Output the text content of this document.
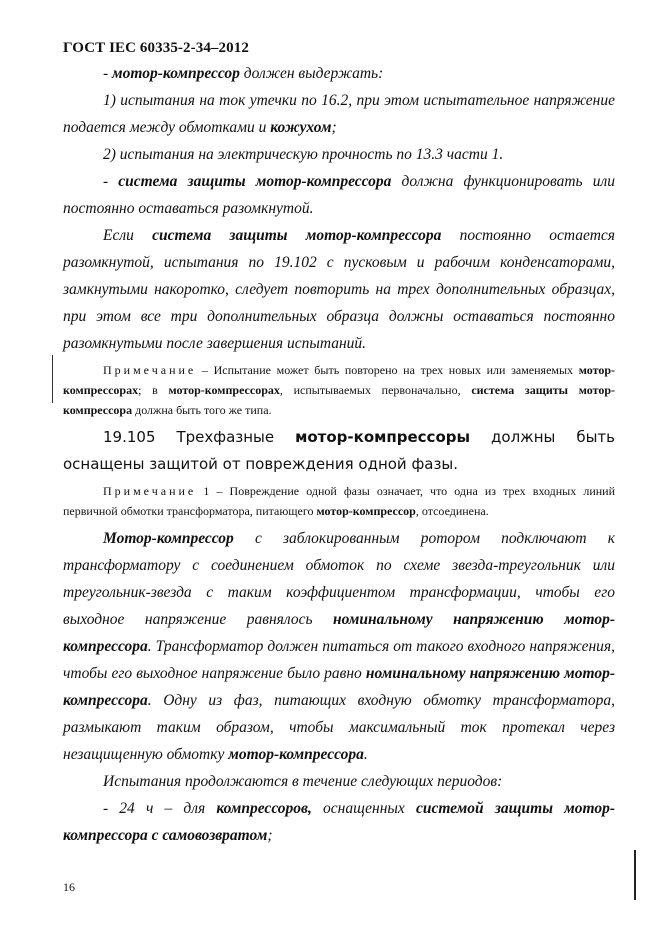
ГОСТ IEC 60335-2-34–2012

- мотор-компрессор должен выдержать:

1) испытания на ток утечки по 16.2, при этом испытательное напряжение подается между обмотками и кожухом;

2) испытания на электрическую прочность по 13.3 части 1.

- система защиты мотор-компрессора должна функционировать или постоянно оставаться разомкнутой.

Если система защиты мотор-компрессора постоянно остается разомкнутой, испытания по 19.102 с пусковым и рабочим конденсаторами, замкнутыми накоротко, следует повторить на трех дополнительных образцах, при этом все три дополнительных образца должны оставаться постоянно разомкнутыми после завершения испытаний.

Примечание – Испытание может быть повторено на трех новых или заменяемых мотор-компрессорах; в мотор-компрессорах, испытываемых первоначально, система защиты мотор-компрессора должна быть того же типа.

19.105 Трехфазные мотор-компрессоры должны быть оснащены защитой от повреждения одной фазы.

Примечание 1 – Повреждение одной фазы означает, что одна из трех входных линий первичной обмотки трансформатора, питающего мотор-компрессор, отсоединена.

Мотор-компрессор с заблокированным ротором подключают к трансформатору с соединением обмоток по схеме звезда-треугольник или треугольник-звезда с таким коэффициентом трансформации, чтобы его выходное напряжение равнялось номинальному напряжению мотор-компрессора. Трансформатор должен питаться от такого входного напряжения, чтобы его выходное напряжение было равно номинальному напряжению мотор-компрессора. Одну из фаз, питающих входную обмотку трансформатора, размыкают таким образом, чтобы максимальный ток протекал через незащищенную обмотку мотор-компрессора.

Испытания продолжаются в течение следующих периодов:

- 24 ч – для компрессоров, оснащенных системой защиты мотор-компрессора с самовозвратом;

16
